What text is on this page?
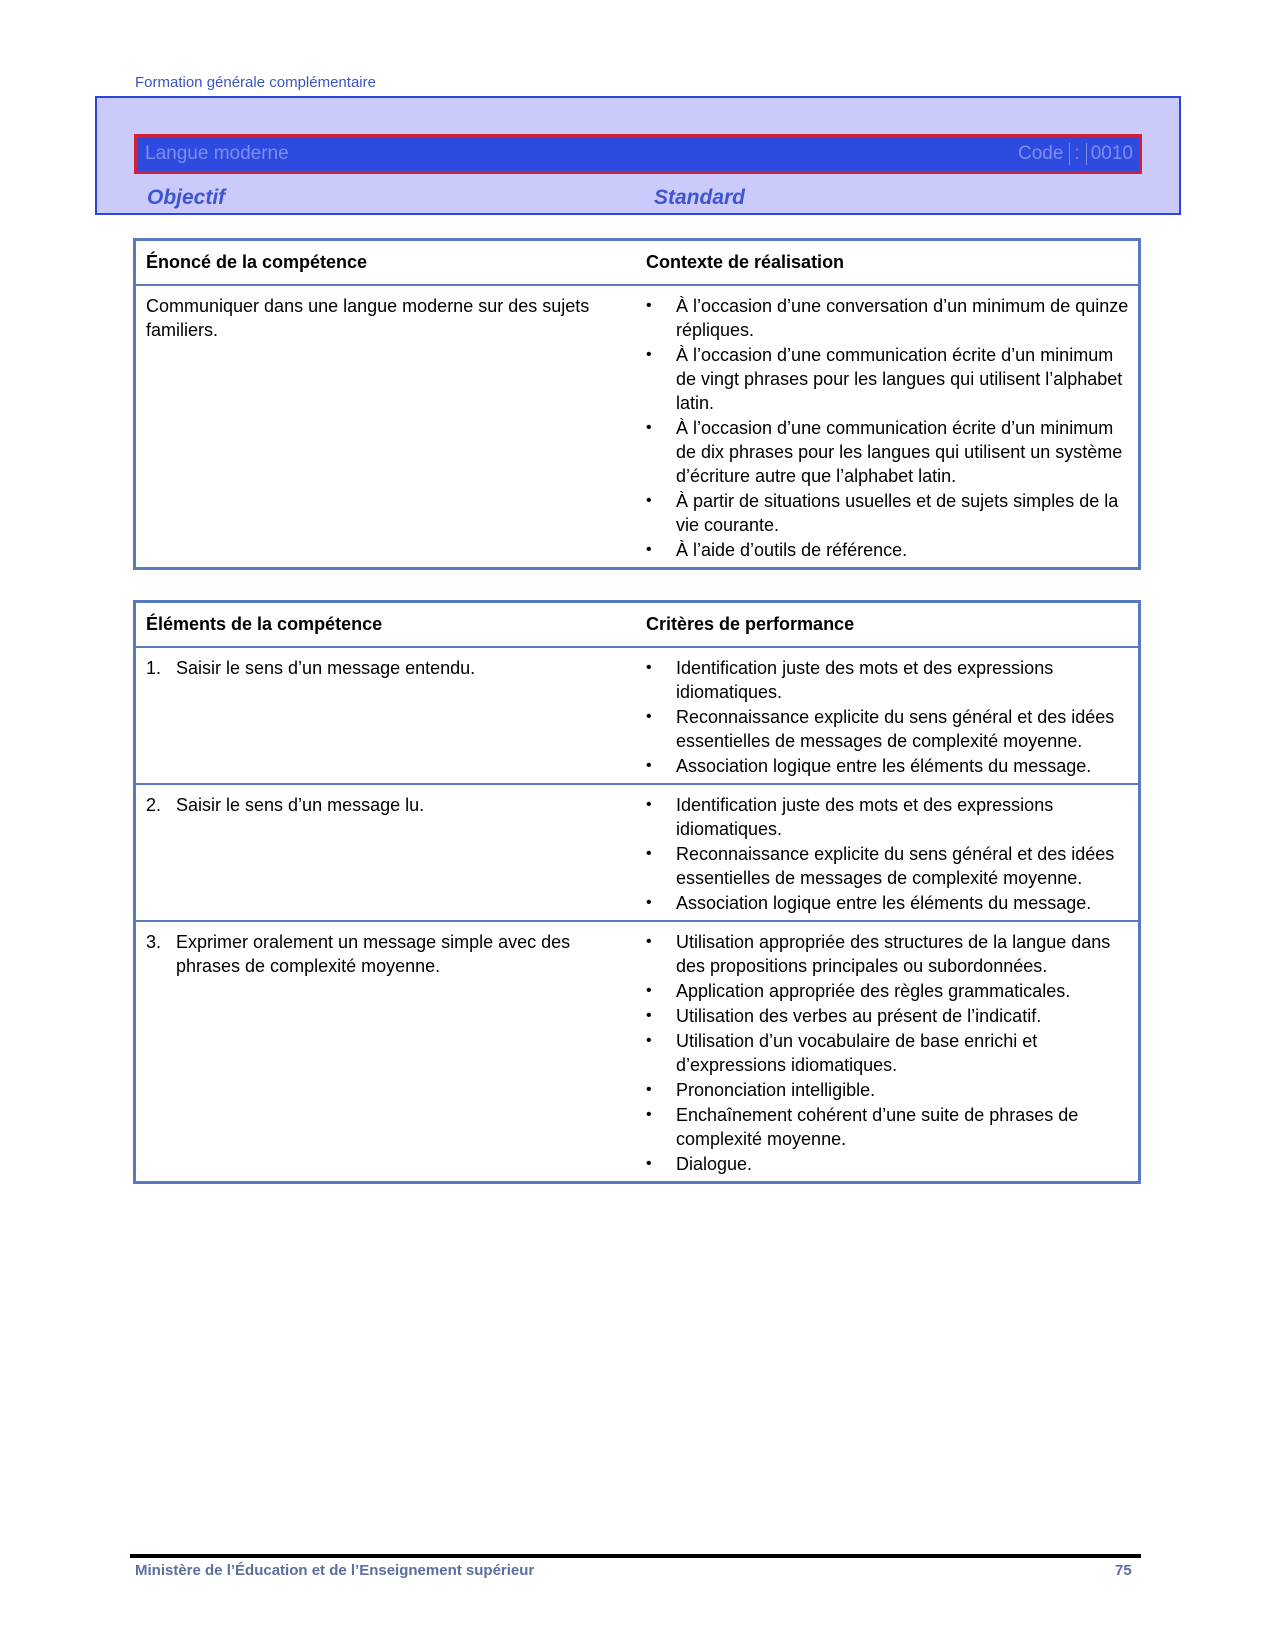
Formation générale complémentaire
Langue moderne	Code : 0010
Objectif	Standard
Énoncé de la compétence	Contexte de réalisation
Communiquer dans une langue moderne sur des sujets familiers.
• À l’occasion d’une conversation d’un minimum de quinze répliques.
• À l’occasion d’une communication écrite d’un minimum de vingt phrases pour les langues qui utilisent l’alphabet latin.
• À l’occasion d’une communication écrite d’un minimum de dix phrases pour les langues qui utilisent un système d’écriture autre que l’alphabet latin.
• À partir de situations usuelles et de sujets simples de la vie courante.
• À l’aide d’outils de référence.
Éléments de la compétence	Critères de performance
1. Saisir le sens d’un message entendu.	• Identification juste des mots et des expressions idiomatiques.
• Reconnaissance explicite du sens général et des idées essentielles de messages de complexité moyenne.
• Association logique entre les éléments du message.
2. Saisir le sens d’un message lu.	• Identification juste des mots et des expressions idiomatiques.
• Reconnaissance explicite du sens général et des idées essentielles de messages de complexité moyenne.
• Association logique entre les éléments du message.
3. Exprimer oralement un message simple avec des phrases de complexité moyenne.
• Utilisation appropriée des structures de la langue dans des propositions principales ou subordonnées.
• Application appropriée des règles grammaticales.
• Utilisation des verbes au présent de l’indicatif.
• Utilisation d’un vocabulaire de base enrichi et d’expressions idiomatiques.
• Prononciation intelligible.
• Enchaînement cohérent d’une suite de phrases de complexité moyenne.
• Dialogue.
Ministère de l’Éducation et de l’Enseignement supérieur	75
